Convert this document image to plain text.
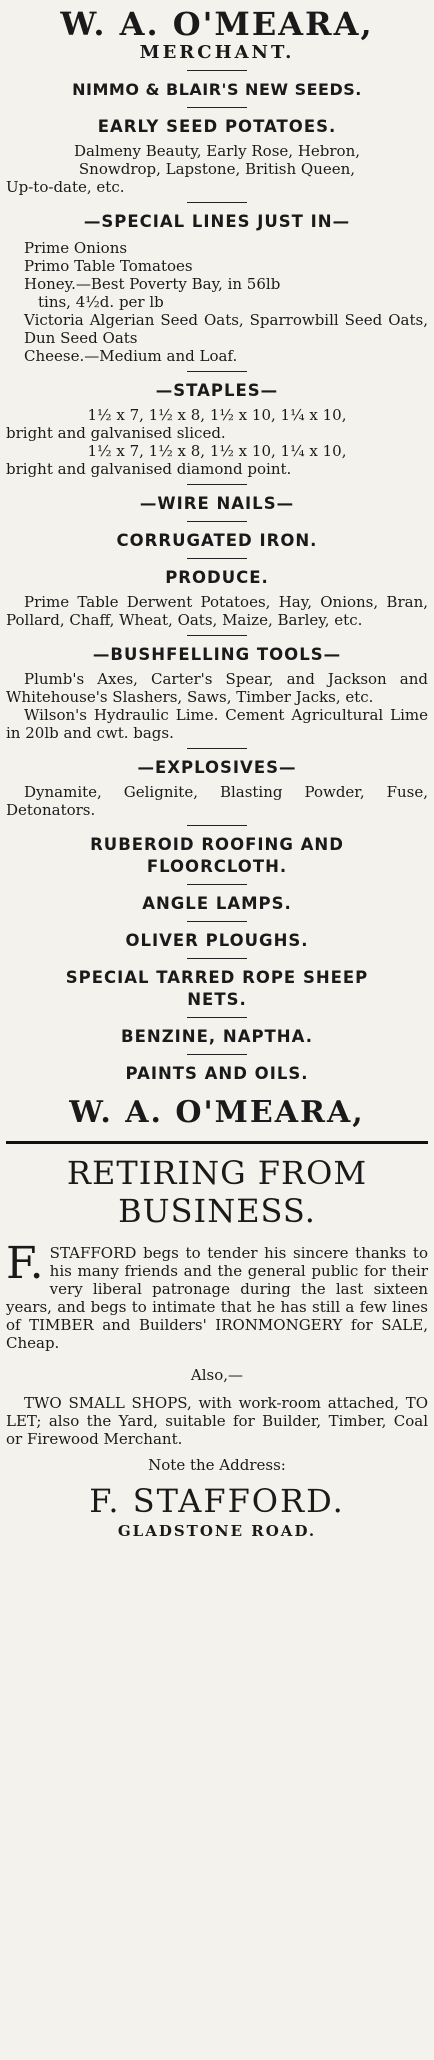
W. A. O'MEARA,
MERCHANT.
NIMMO & BLAIR'S NEW SEEDS.
EARLY SEED POTATOES.
Dalmeny Beauty, Early Rose, Hebron,
Snowdrop, Lapstone, British Queen,
Up-to-date, etc.
—SPECIAL LINES JUST IN—
Prime Onions
Primo Table Tomatoes
Honey.—Best Poverty Bay, in 56lb
tins, 4½d. per lb
Victoria Algerian Seed Oats, Sparrowbill Seed Oats, Dun Seed Oats
Cheese.—Medium and Loaf.
—STAPLES—
1½ x 7, 1½ x 8, 1½ x 10, 1¼ x 10,
bright and galvanised sliced.
1½ x 7, 1½ x 8, 1½ x 10, 1¼ x 10,
bright and galvanised diamond point.
—WIRE NAILS—
CORRUGATED IRON.
PRODUCE.
Prime Table Derwent Potatoes, Hay, Onions, Bran, Pollard, Chaff, Wheat, Oats, Maize, Barley, etc.
—BUSHFELLING TOOLS—
Plumb's Axes, Carter's Spear, and Jackson and Whitehouse's Slashers, Saws, Timber Jacks, etc.
Wilson's Hydraulic Lime. Cement Agricultural Lime in 20lb and cwt. bags.
—EXPLOSIVES—
Dynamite, Gelignite, Blasting Powder, Fuse, Detonators.
RUBEROID ROOFING AND
FLOORCLOTH.
ANGLE LAMPS.
OLIVER PLOUGHS.
SPECIAL TARRED ROPE SHEEP
NETS.
BENZINE, NAPTHA.
PAINTS AND OILS.
W. A. O'MEARA,
RETIRING FROM
BUSINESS.
F. STAFFORD begs to tender his sincere thanks to his many friends and the general public for their very liberal patronage during the last sixteen years, and begs to intimate that he has still a few lines of TIMBER and Builders' IRONMONGERY for SALE, Cheap.
Also,—
TWO SMALL SHOPS, with work-room attached, TO LET; also the Yard, suitable for Builder, Timber, Coal or Firewood Merchant.
Note the Address:
F. STAFFORD.
GLADSTONE ROAD.
